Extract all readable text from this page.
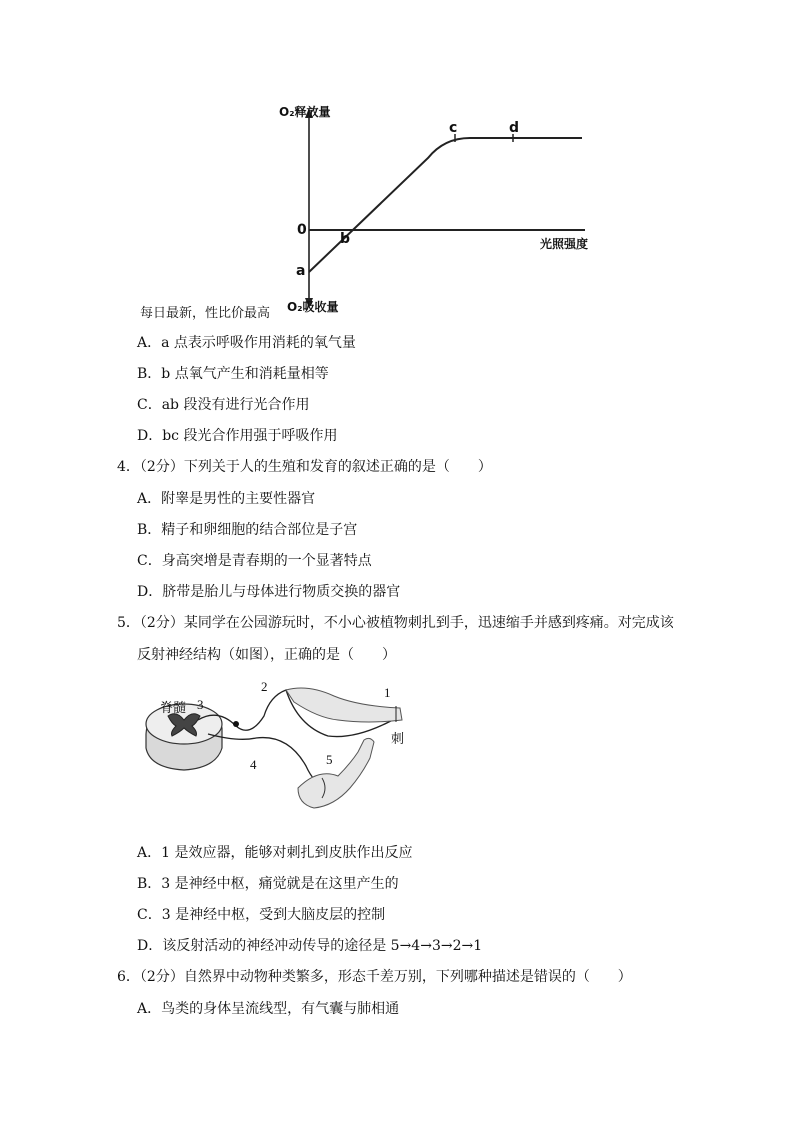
O₂释放量
光照强度
0
a
b
c	d
O₂吸收量
每日最新，性比价最高
A．a 点表示呼吸作用消耗的氧气量
B．b 点氧气产生和消耗量相等
C．ab 段没有进行光合作用
D．bc 段光合作用强于呼吸作用
4．（2分）下列关于人的生殖和发育的叙述正确的是（　　）
A．附睾是男性的主要性器官
B．精子和卵细胞的结合部位是子宫
C．身高突增是青春期的一个显著特点
D．脐带是胎儿与母体进行物质交换的器官
5．（2分）某同学在公园游玩时，不小心被植物刺扎到手，迅速缩手并感到疼痛。对完成该
反射神经结构（如图），正确的是（　　）
脊髓 3
2	1
刺
4	5
A．1 是效应器，能够对刺扎到皮肤作出反应
B．3 是神经中枢，痛觉就是在这里产生的
C．3 是神经中枢，受到大脑皮层的控制
D．该反射活动的神经冲动传导的途径是 5→4→3→2→1
6．（2分）自然界中动物种类繁多，形态千差万别，下列哪种描述是错误的（　　）
A．鸟类的身体呈流线型，有气囊与肺相通
